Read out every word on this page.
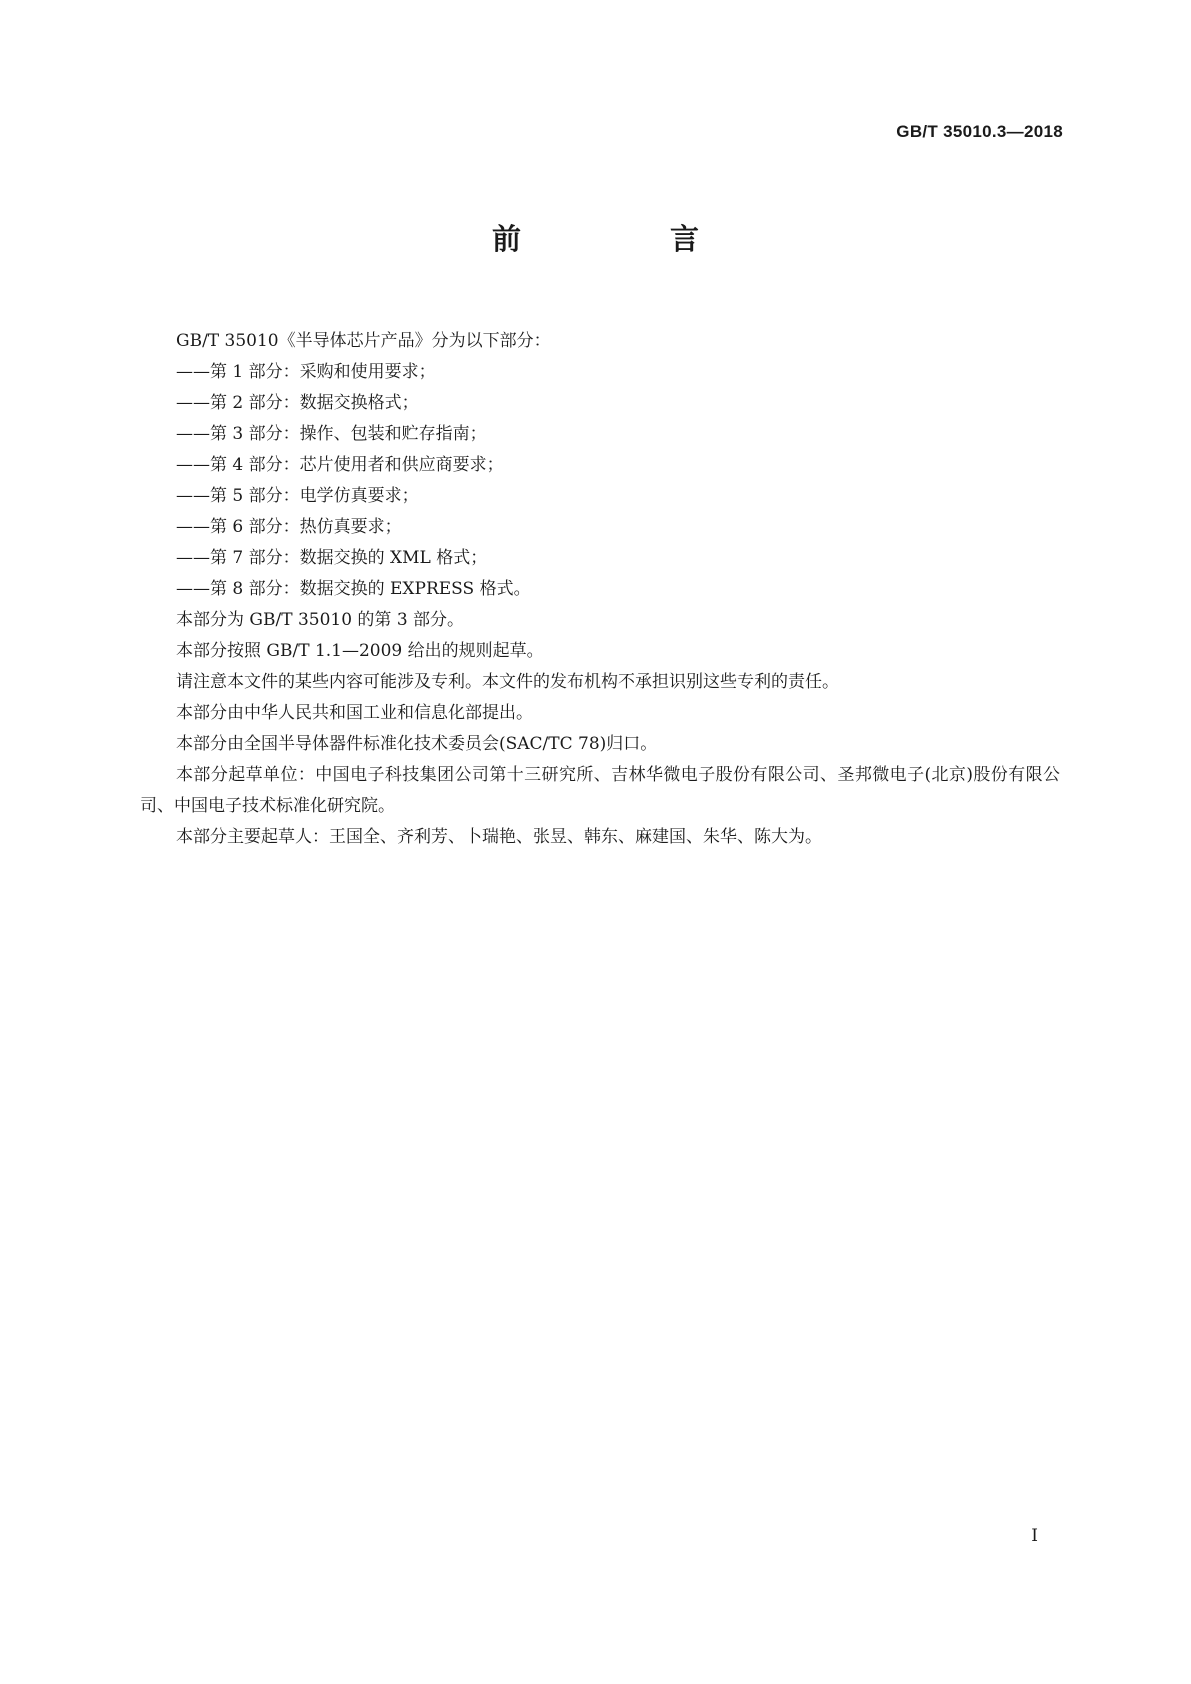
GB/T 35010.3—2018
前　言

GB/T 35010《半导体芯片产品》分为以下部分：

——第 1 部分：采购和使用要求；

——第 2 部分：数据交换格式；

——第 3 部分：操作、包装和贮存指南；

——第 4 部分：芯片使用者和供应商要求；

——第 5 部分：电学仿真要求；

——第 6 部分：热仿真要求；

——第 7 部分：数据交换的 XML 格式；

——第 8 部分：数据交换的 EXPRESS 格式。

本部分为 GB/T 35010 的第 3 部分。

本部分按照 GB/T 1.1—2009 给出的规则起草。

请注意本文件的某些内容可能涉及专利。本文件的发布机构不承担识别这些专利的责任。

本部分由中华人民共和国工业和信息化部提出。

本部分由全国半导体器件标准化技术委员会(SAC/TC 78)归口。

本部分起草单位：中国电子科技集团公司第十三研究所、吉林华微电子股份有限公司、圣邦微电子(北京)股份有限公司、中国电子技术标准化研究院。

本部分主要起草人：王国全、齐利芳、卜瑞艳、张昱、韩东、麻建国、朱华、陈大为。

I
